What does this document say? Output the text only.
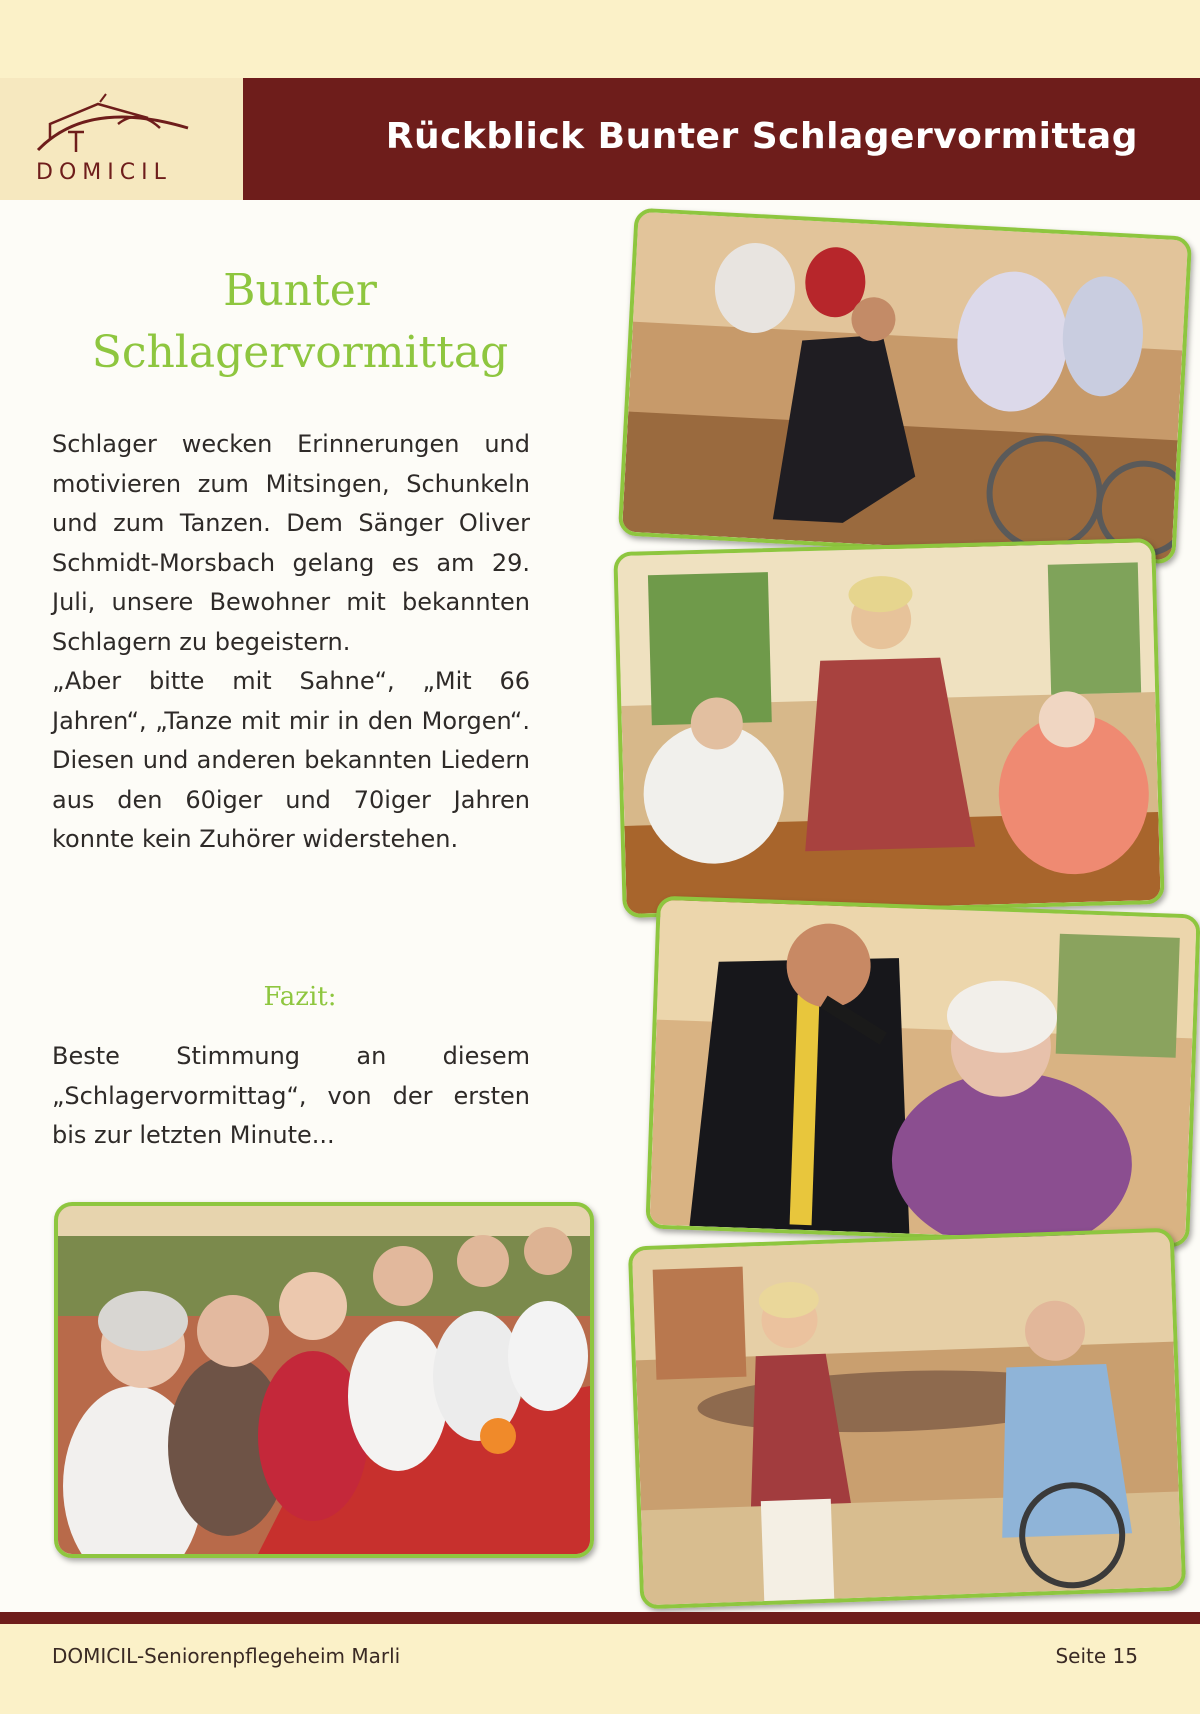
DOMICIL
Rückblick Bunter Schlagervormittag
Bunter
Schlagervormittag

Schlager wecken Erinnerungen und motivieren zum Mitsingen, Schunkeln und zum Tanzen. Dem Sänger Oliver Schmidt-Morsbach gelang es am 29. Juli, unsere Bewohner mit bekannten Schlagern zu begeistern.

„Aber bitte mit Sahne“, „Mit 66 Jahren“, „Tanze mit mir in den Morgen“. Diesen und anderen bekannten Liedern aus den 60iger und 70iger Jahren konnte kein Zuhörer widerstehen.

Fazit:
Beste Stimmung an diesem „Schlagervormittag“, von der ersten bis zur letzten Minute...
DOMICIL-Seniorenpflegeheim Marli	Seite 15
